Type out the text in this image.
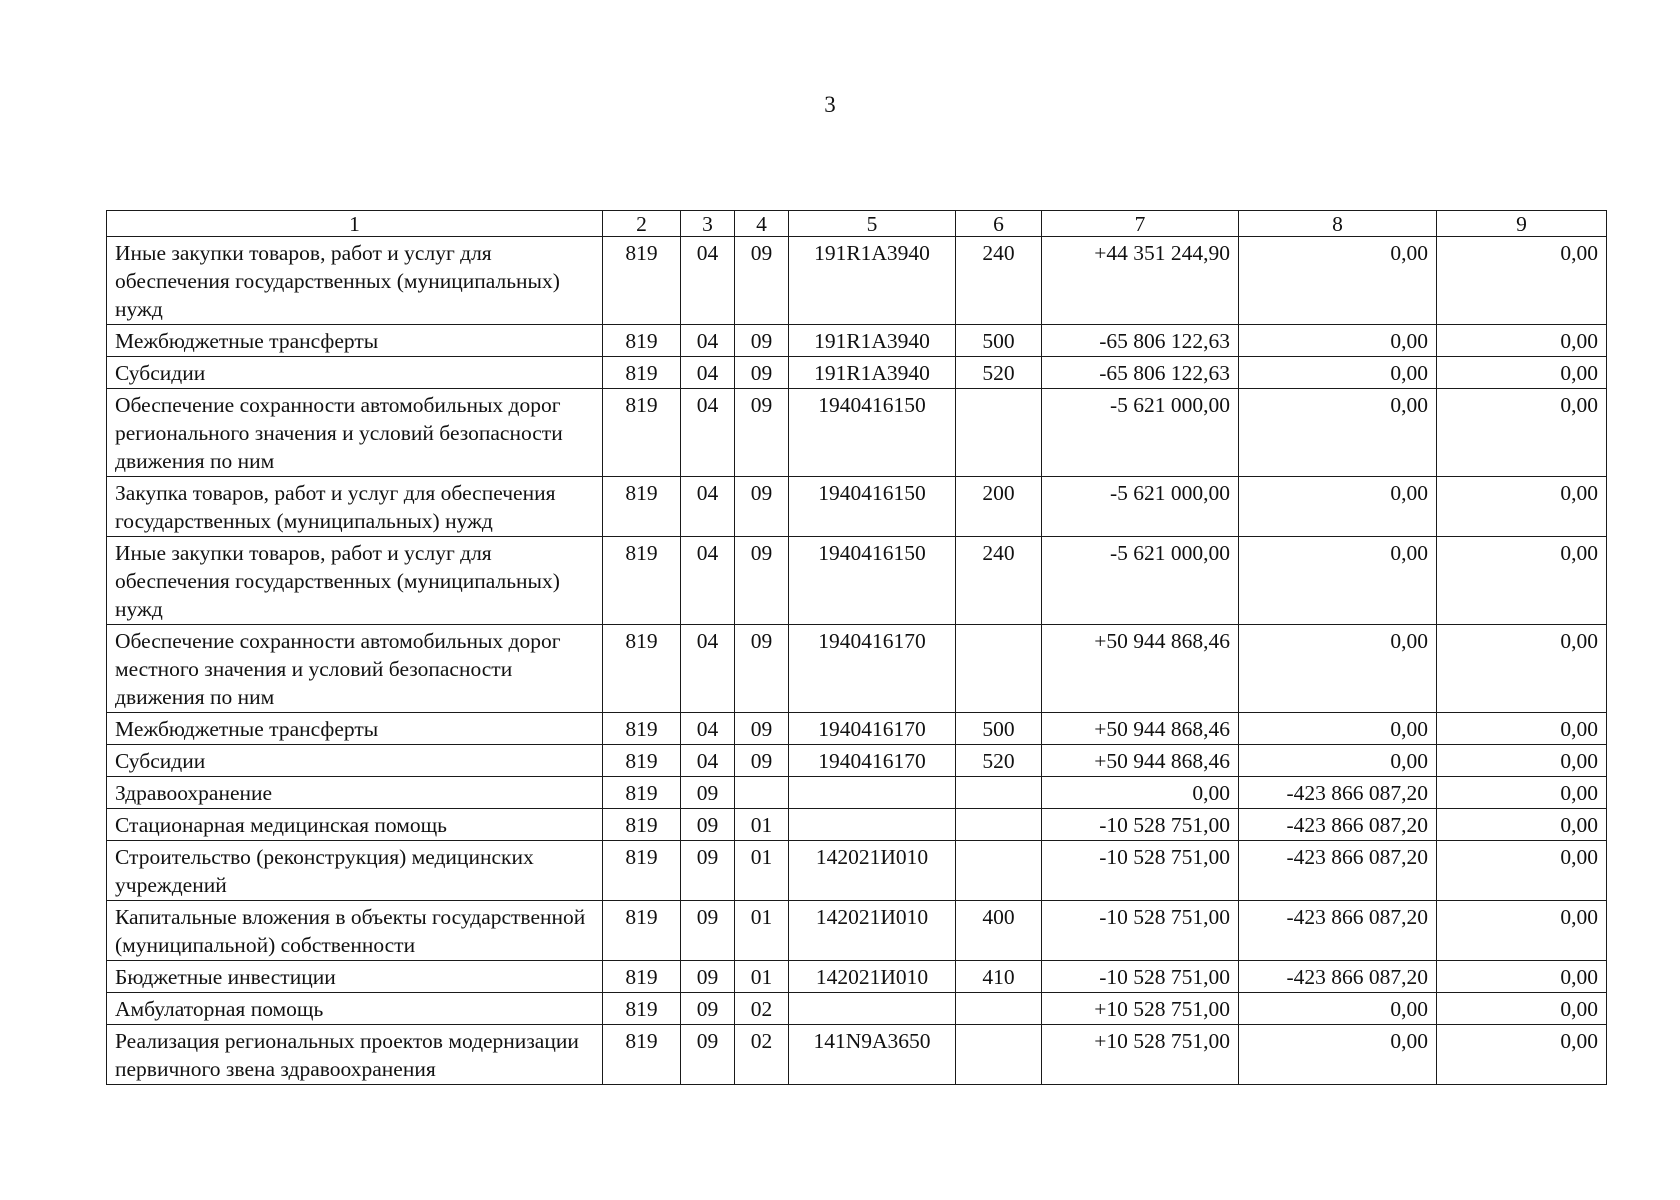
3
1	2	3	4	5	6	7	8	9
Иные закупки товаров, работ и услуг для обеспечения государственных (муниципальных) нужд	819	04	09	191R1A3940	240	+44 351 244,90	0,00	0,00
Межбюджетные трансферты	819	04	09	191R1A3940	500	-65 806 122,63	0,00	0,00
Субсидии	819	04	09	191R1A3940	520	-65 806 122,63	0,00	0,00
Обеспечение сохранности автомобильных дорог регионального значения и условий безопасности движения по ним	819	04	09	1940416150		-5 621 000,00	0,00	0,00
Закупка товаров, работ и услуг для обеспечения государственных (муниципальных) нужд	819	04	09	1940416150	200	-5 621 000,00	0,00	0,00
Иные закупки товаров, работ и услуг для обеспечения государственных (муниципальных) нужд	819	04	09	1940416150	240	-5 621 000,00	0,00	0,00
Обеспечение сохранности автомобильных дорог местного значения и условий безопасности движения по ним	819	04	09	1940416170		+50 944 868,46	0,00	0,00
Межбюджетные трансферты	819	04	09	1940416170	500	+50 944 868,46	0,00	0,00
Субсидии	819	04	09	1940416170	520	+50 944 868,46	0,00	0,00
Здравоохранение	819	09				0,00	-423 866 087,20	0,00
Стационарная медицинская помощь	819	09	01			-10 528 751,00	-423 866 087,20	0,00
Строительство (реконструкция) медицинских учреждений	819	09	01	142021И010		-10 528 751,00	-423 866 087,20	0,00
Капитальные вложения в объекты государственной (муниципальной) собственности	819	09	01	142021И010	400	-10 528 751,00	-423 866 087,20	0,00
Бюджетные инвестиции	819	09	01	142021И010	410	-10 528 751,00	-423 866 087,20	0,00
Амбулаторная помощь	819	09	02			+10 528 751,00	0,00	0,00
Реализация региональных проектов модернизации первичного звена здравоохранения	819	09	02	141N9A3650		+10 528 751,00	0,00	0,00
